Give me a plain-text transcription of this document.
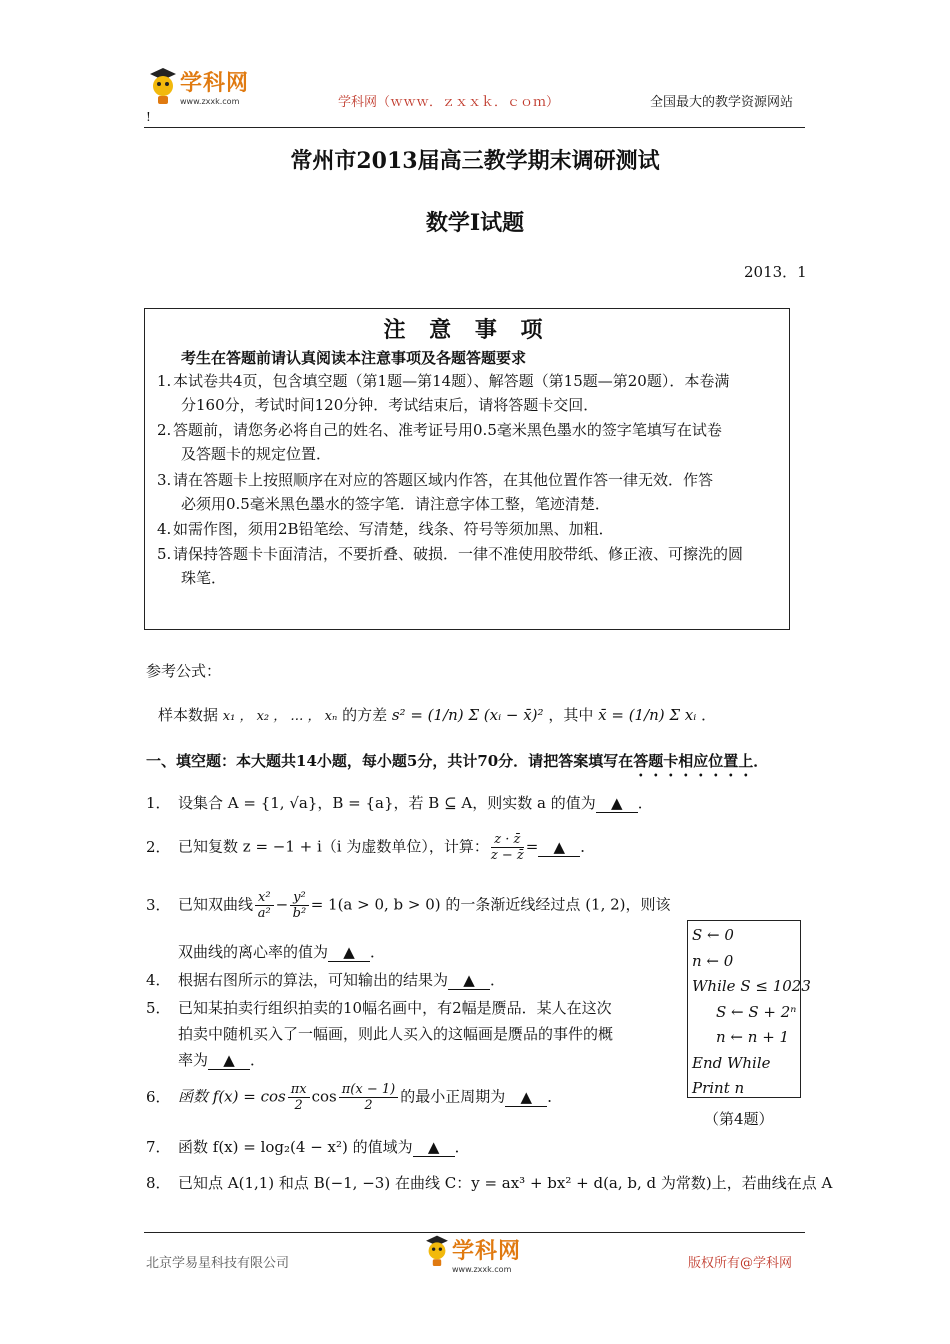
学科网
www.zxxk.com	学科网（ｗｗｗ．ｚｘｘｋ．ｃｏｍ）	全国最大的教学资源网站
!
常州市2013届高三教学期末调研测试
数学Ⅰ试题
2013．1
注 意 事 项
考生在答题前请认真阅读本注意事项及各题答题要求
1. 本试卷共4页，包含填空题（第1题—第14题）、解答题（第15题—第20题）．本卷满
分160分，考试时间120分钟．考试结束后，请将答题卡交回．
2. 答题前，请您务必将自己的姓名、准考证号用0.5毫米黑色墨水的签字笔填写在试卷
及答题卡的规定位置．
3. 请在答题卡上按照顺序在对应的答题区域内作答，在其他位置作答一律无效．作答
必须用0.5毫米黑色墨水的签字笔．请注意字体工整，笔迹清楚．
4. 如需作图，须用2B铅笔绘、写清楚，线条、符号等须加黑、加粗．
5. 请保持答题卡卡面清洁，不要折叠、破损．一律不准使用胶带纸、修正液、可擦洗的圆
珠笔．
参考公式：
样本数据 x₁ ， x₂ ， … ， xₙ 的方差 s² = (1/n) Σ (xᵢ − x̄)² ，其中 x̄ = (1/n) Σ xᵢ ．
一、填空题：本大题共14小题，每小题5分，共计70分．请把答案填写在答题卡相应位置上．
1． 设集合 A = {1, √a}，B = {a}，若 B ⊆ A，则实数 a 的值为 ▲ ．
2． 已知复数 z = −1 + i（i 为虚数单位），计算： $\frac{z \cdot z̄}{z - z̄}$ = ▲ ．
3． 已知双曲线 $\frac{\text{x²}}{\text{a²}} - \frac{\text{y²}}{\text{b²}} = 1(a > 0$, b > 0) 的一条渐近线经过点 (1, 2)，则该
双曲线的离心率的值为 ▲ ．
4． 根据右图所示的算法，可知输出的结果为 ▲ ．
5． 已知某拍卖行组织拍卖的10幅名画中，有2幅是赝品．某人在这次
拍卖中随机买入了一幅画，则此人买入的这幅画是赝品的事件的概
率为 ▲ ．
6． 函数 $f(x) = \cos \frac{\pi x}{2}$ $\cos \frac{\pi(x - 1)}{2}$ 的最小正周期为 ▲ ．
7． 函数 f(x) = log₂(4 − x²) 的值域为 ▲ ．
8． 已知点 A(1,1) 和点 B(−1, −3) 在曲线 C：y = ax³ + bx² + d(a, b, d 为常数)上，若曲线在点 A
S ← 0
n ← 0
While S ≤ 1023
S ← S + 2ⁿ
n ← n + 1
End While
Print n
（第4题）
北京学易星科技有限公司	学科网
www.zxxk.com	版权所有@学科网
